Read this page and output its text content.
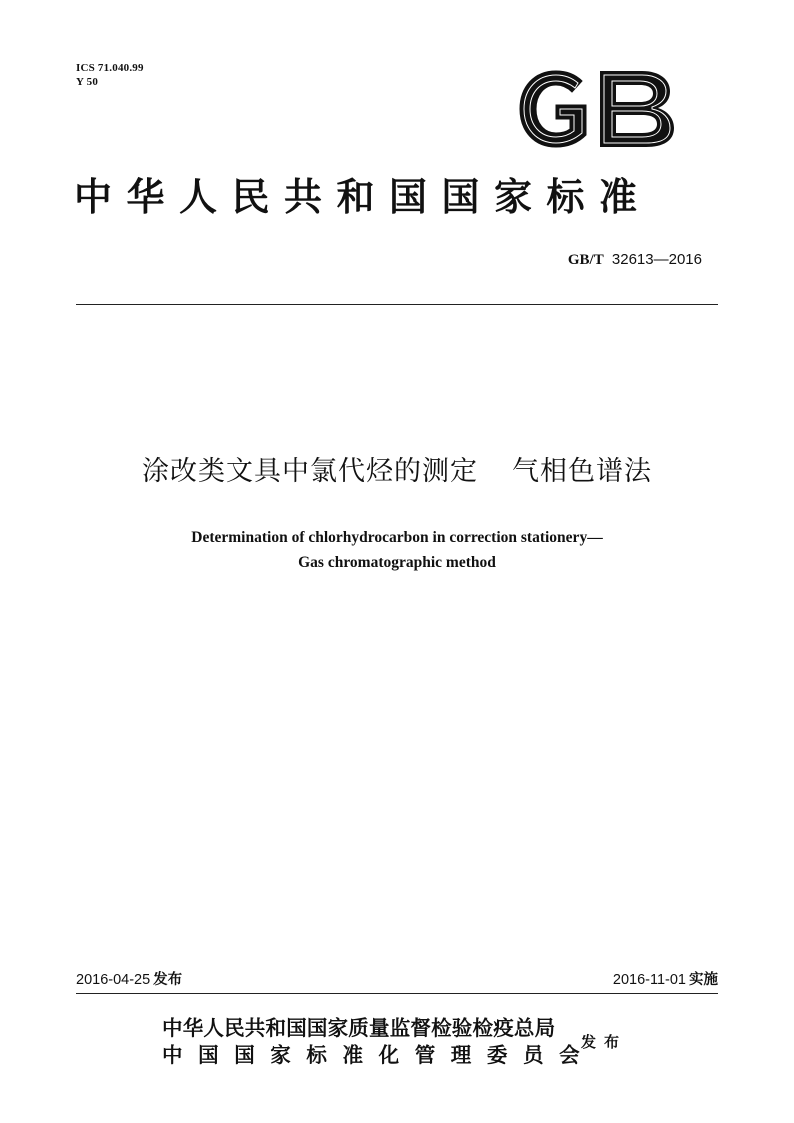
ICS 71.040.99
Y 50
中华人民共和国国家标准
GB/T 32613—2016
涂改类文具中氯代烃的测定 气相色谱法
Determination of chlorhydrocarbon in correction stationery—
Gas chromatographic method
2016-04-25 发布	2016-11-01 实施
中华人民共和国国家质量监督检验检疫总局
中国国家标准化管理委员会
发布
